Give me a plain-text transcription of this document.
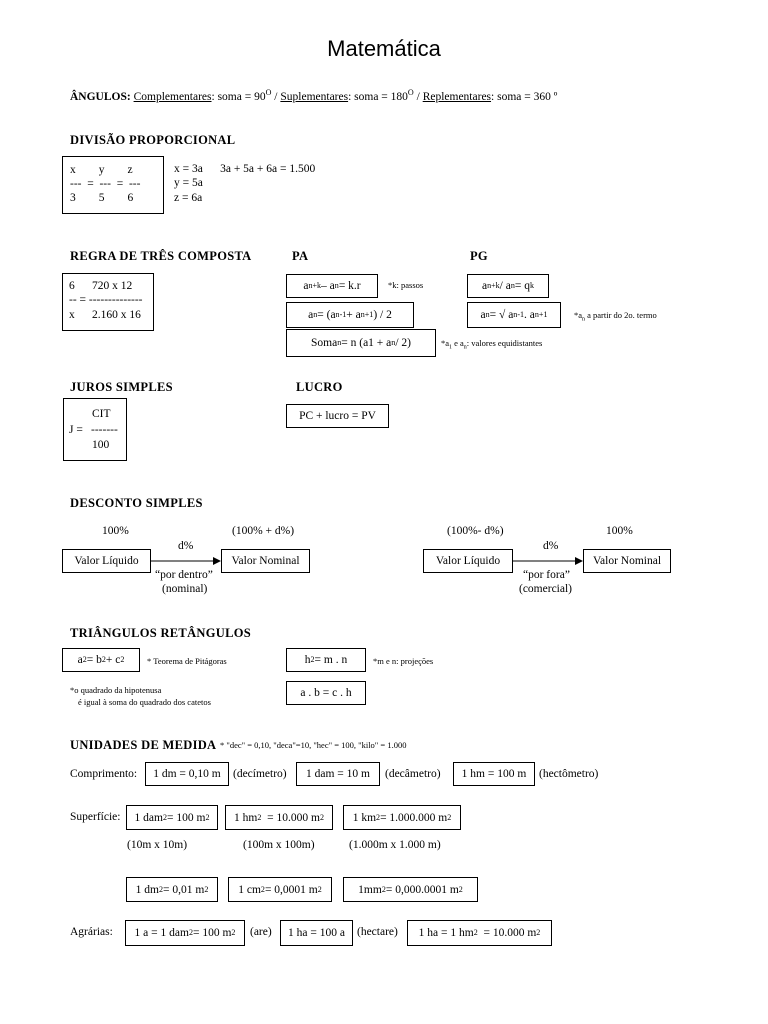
Matemática
ÂNGULOS: Complementares: soma = $90^O$ / Suplementares: soma = $180^O$ / Replementares: soma = 360 º
DIVISÃO PROPORCIONAL
x        y        z
---  =  ---  =  ---
3        5        6
x = 3a      3a + 5a + 6a = 1.500
y = 5a
z = 6a
REGRA DE TRÊS COMPOSTA
6      720 x 12
-- = --------------
x      2.160 x 16
PA
a n+k – a n = k.r	*k: passos
a n = (a n-1 + a n+1 ) / 2
Soma n = n (a1 + a n / 2)	$*a_1$ e $a_n$: valores equidistantes
PG
a n+k / a n = q k
a n = √ a n-1 . a n+1	$*a_n$ a partir do 2o. termo
JUROS SIMPLES
CIT
J = -------
100
LUCRO
PC + lucro = PV
DESCONTO SIMPLES
100%	(100% + d%)
d%
Valor Líquido	Valor Nominal
“por dentro”
(nominal)
(100%- d%)	100%
d%
Valor Líquido	Valor Nominal
“por fora”
(comercial)
TRIÂNGULOS RETÂNGULOS
a 2 = b 2 + c 2	* Teorema de Pitágoras	h 2 = m . n	*m e n: projeções
*o quadrado da hipotenusa
é igual à soma do quadrado dos catetos
a . b = c . h
UNIDADES DE MEDIDA * "dec" = 0,10, "deca"=10, "hec" = 100, "kilo" = 1.000
Comprimento:	1 dm = 0,10 m	(decímetro)	1 dam = 10 m	(decâmetro)	1 hm = 100 m	(hectômetro)
Superfície: 1 dam 2 = 100 m 2 1 hm 2 = 10.000 m 2 1 km 2 = 1.000.000 m 2
(10m x 10m)	(100m x 100m)	(1.000m x 1.000 m)
1 dm 2 = 0,01 m 2	1 cm 2 = 0,0001 m 2	1mm 2 = 0,000.0001 m 2
Agrárias: 1 a = 1 dam 2 = 100 m 2 (are)	1 ha = 100 a	(hectare) 1 ha = 1 hm 2 = 10.000 m 2
